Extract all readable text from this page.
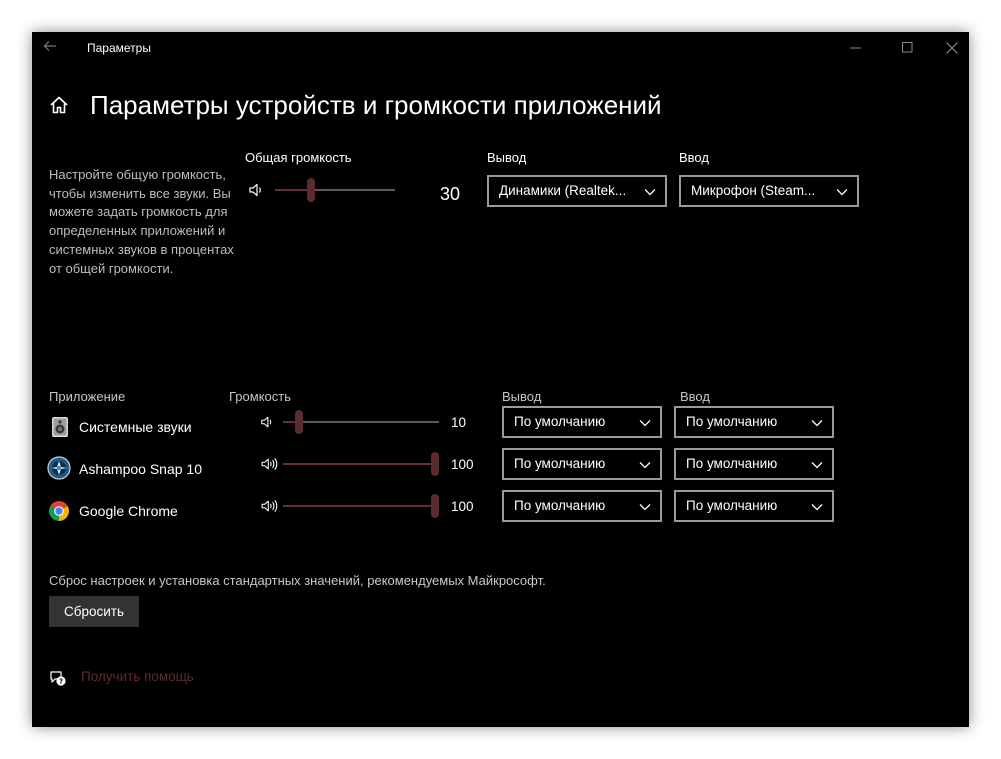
Параметры
Параметры устройств и громкости приложений
Настройте общую громкость, чтобы изменить все звуки. Вы можете задать громкость для определенных приложений и системных звуков в процентах от общей громкости.
Общая громкость
30
Вывод
Динамики (Realtek...
Ввод
Микрофон (Steam...
Приложение	Громкость	Вывод	Ввод
Системные звуки	10	По умолчанию	По умолчанию
Ashampoo Snap 10	100	По умолчанию	По умолчанию
Google Chrome	100	По умолчанию	По умолчанию
Сброс настроек и установка стандартных значений, рекомендуемых Майкрософт.
Сбросить
? Получить помощь
